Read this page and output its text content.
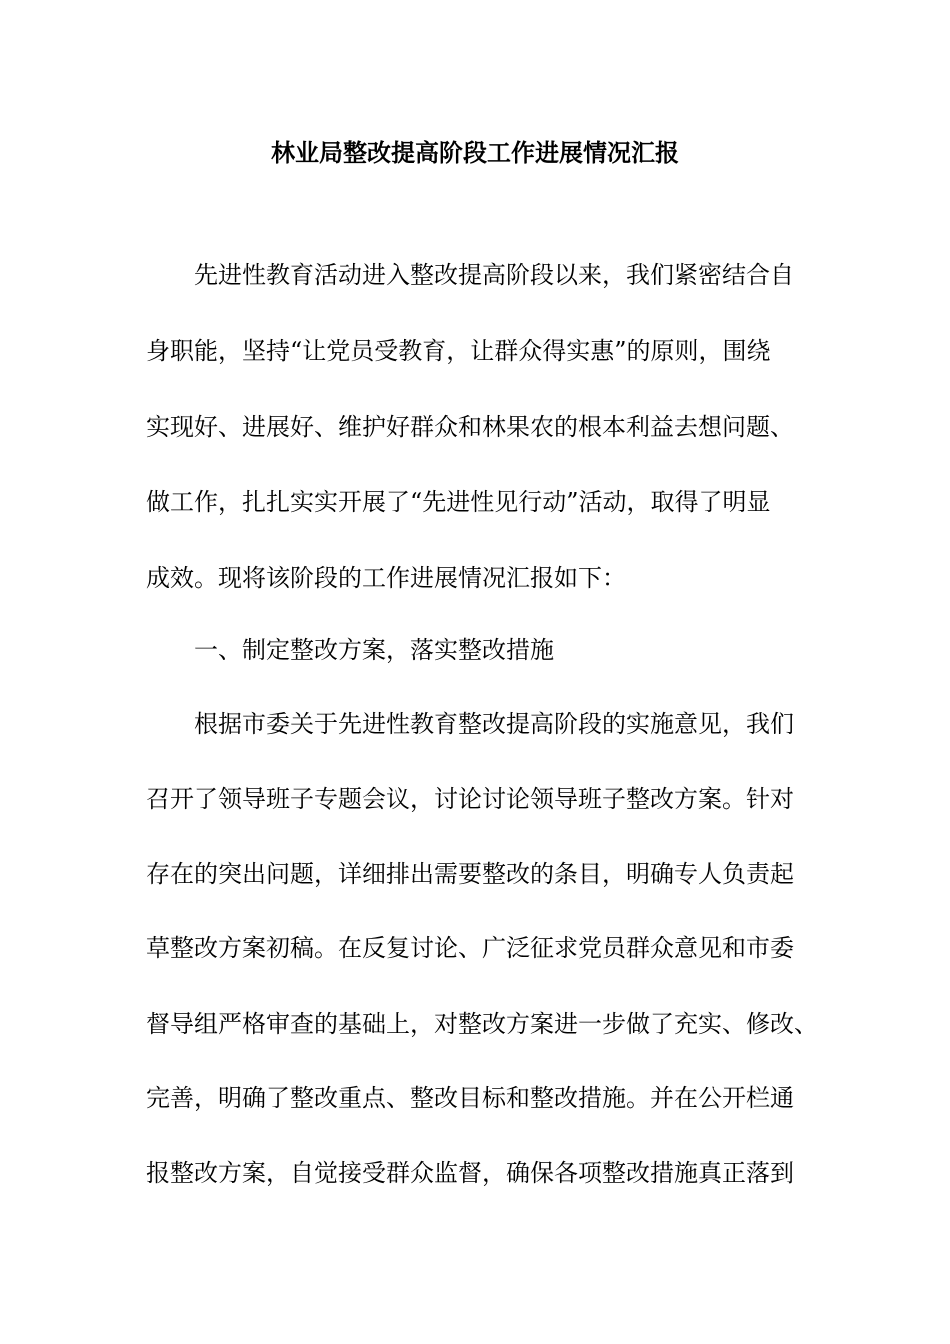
林业局整改提高阶段工作进展情况汇报
先进性教育活动进入整改提高阶段以来，我们紧密结合自
身职能，坚持“让党员受教育，让群众得实惠”的原则，围绕
实现好、进展好、维护好群众和林果农的根本利益去想问题、
做工作，扎扎实实开展了“先进性见行动”活动，取得了明显
成效。现将该阶段的工作进展情况汇报如下：
一、制定整改方案，落实整改措施
根据市委关于先进性教育整改提高阶段的实施意见，我们
召开了领导班子专题会议，讨论讨论领导班子整改方案。针对
存在的突出问题，详细排出需要整改的条目，明确专人负责起
草整改方案初稿。在反复讨论、广泛征求党员群众意见和市委
督导组严格审查的基础上，对整改方案进一步做了充实、修改、
完善，明确了整改重点、整改目标和整改措施。并在公开栏通
报整改方案，自觉接受群众监督，确保各项整改措施真正落到
